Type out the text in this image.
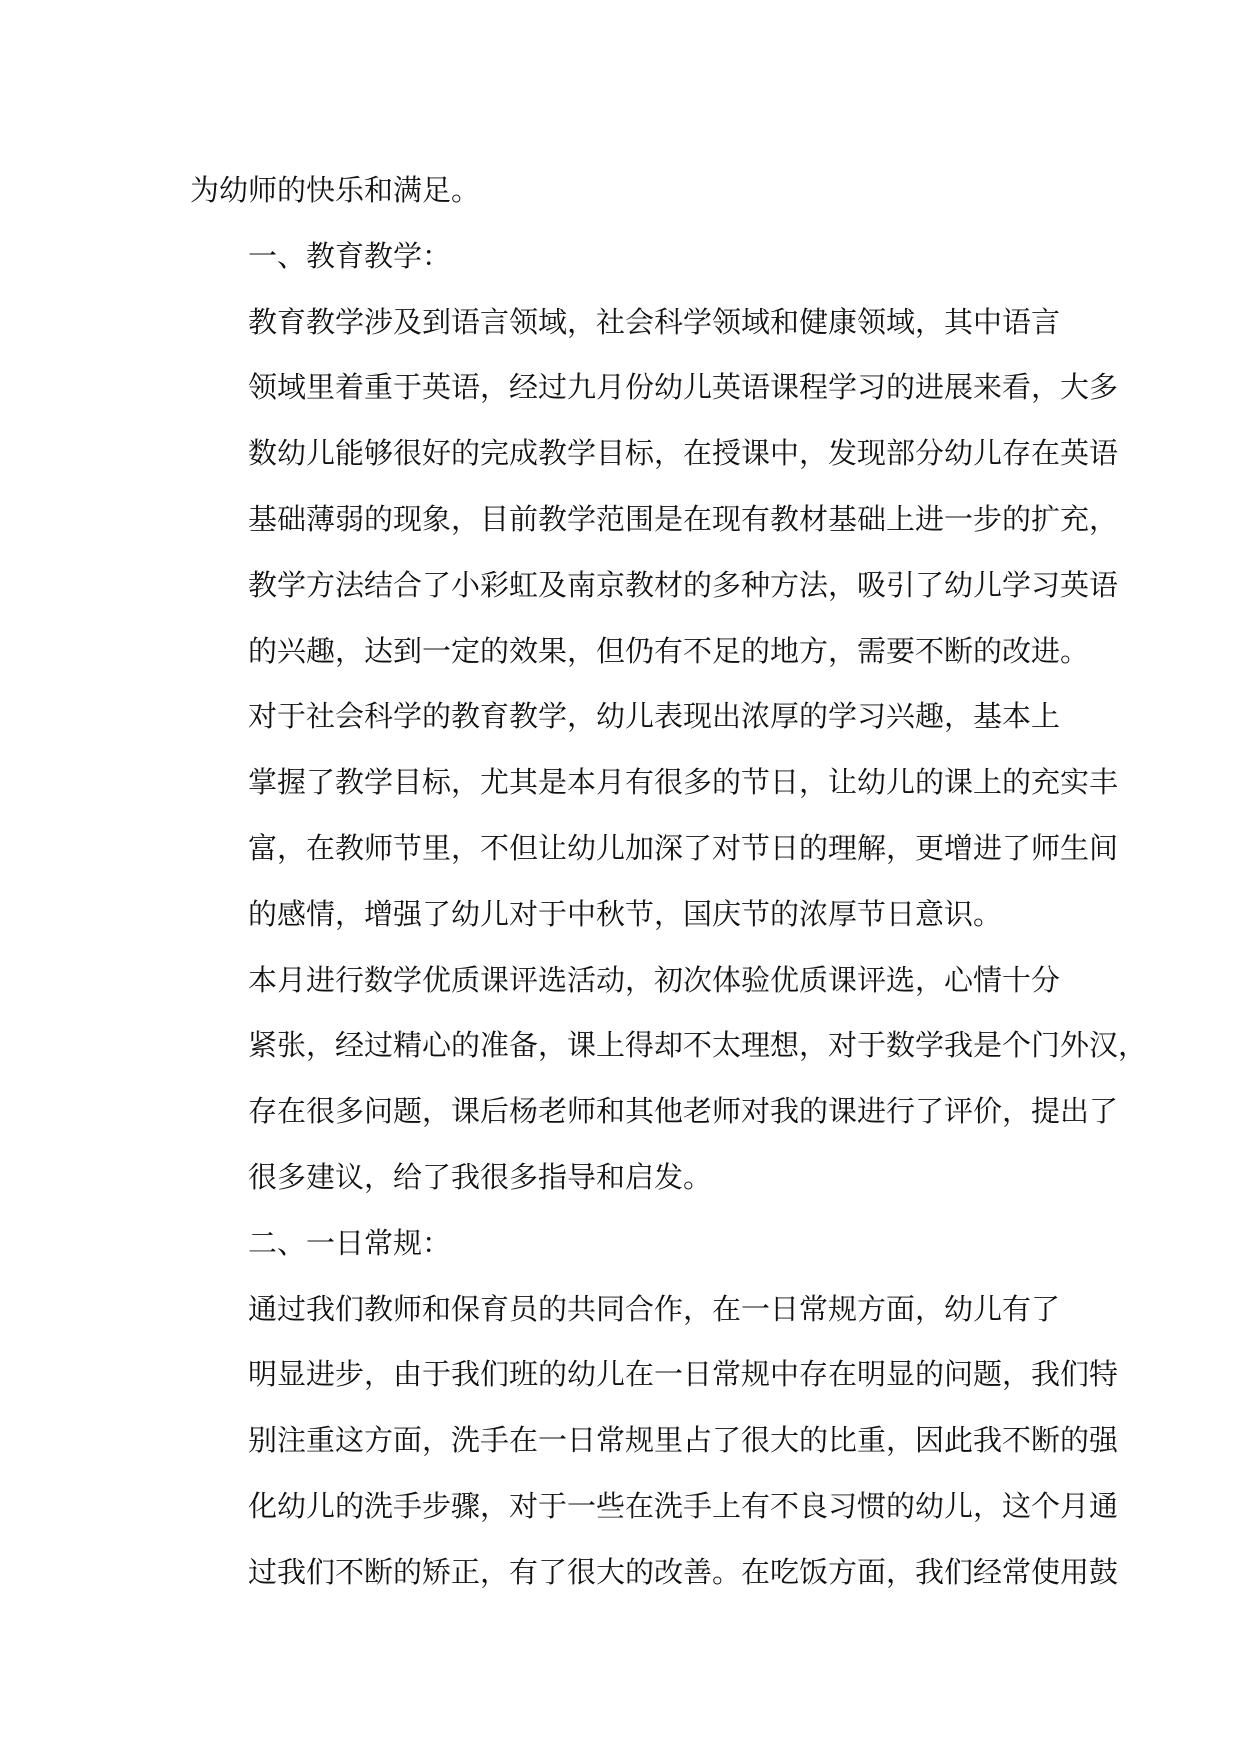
为幼师的快乐和满足。
一、教育教学：
教育教学涉及到语言领域，社会科学领域和健康领域，其中语言
领域里着重于英语，经过九月份幼儿英语课程学习的进展来看，大多
数幼儿能够很好的完成教学目标，在授课中，发现部分幼儿存在英语
基础薄弱的现象，目前教学范围是在现有教材基础上进一步的扩充，
教学方法结合了小彩虹及南京教材的多种方法，吸引了幼儿学习英语
的兴趣，达到一定的效果，但仍有不足的地方，需要不断的改进。
对于社会科学的教育教学，幼儿表现出浓厚的学习兴趣，基本上
掌握了教学目标，尤其是本月有很多的节日，让幼儿的课上的充实丰
富，在教师节里，不但让幼儿加深了对节日的理解，更增进了师生间
的感情，增强了幼儿对于中秋节，国庆节的浓厚节日意识。
本月进行数学优质课评选活动，初次体验优质课评选，心情十分
紧张，经过精心的准备，课上得却不太理想，对于数学我是个门外汉，
存在很多问题，课后杨老师和其他老师对我的课进行了评价，提出了
很多建议，给了我很多指导和启发。
二、一日常规：
通过我们教师和保育员的共同合作，在一日常规方面，幼儿有了
明显进步，由于我们班的幼儿在一日常规中存在明显的问题，我们特
别注重这方面，洗手在一日常规里占了很大的比重，因此我不断的强
化幼儿的洗手步骤，对于一些在洗手上有不良习惯的幼儿，这个月通
过我们不断的矫正，有了很大的改善。在吃饭方面，我们经常使用鼓
